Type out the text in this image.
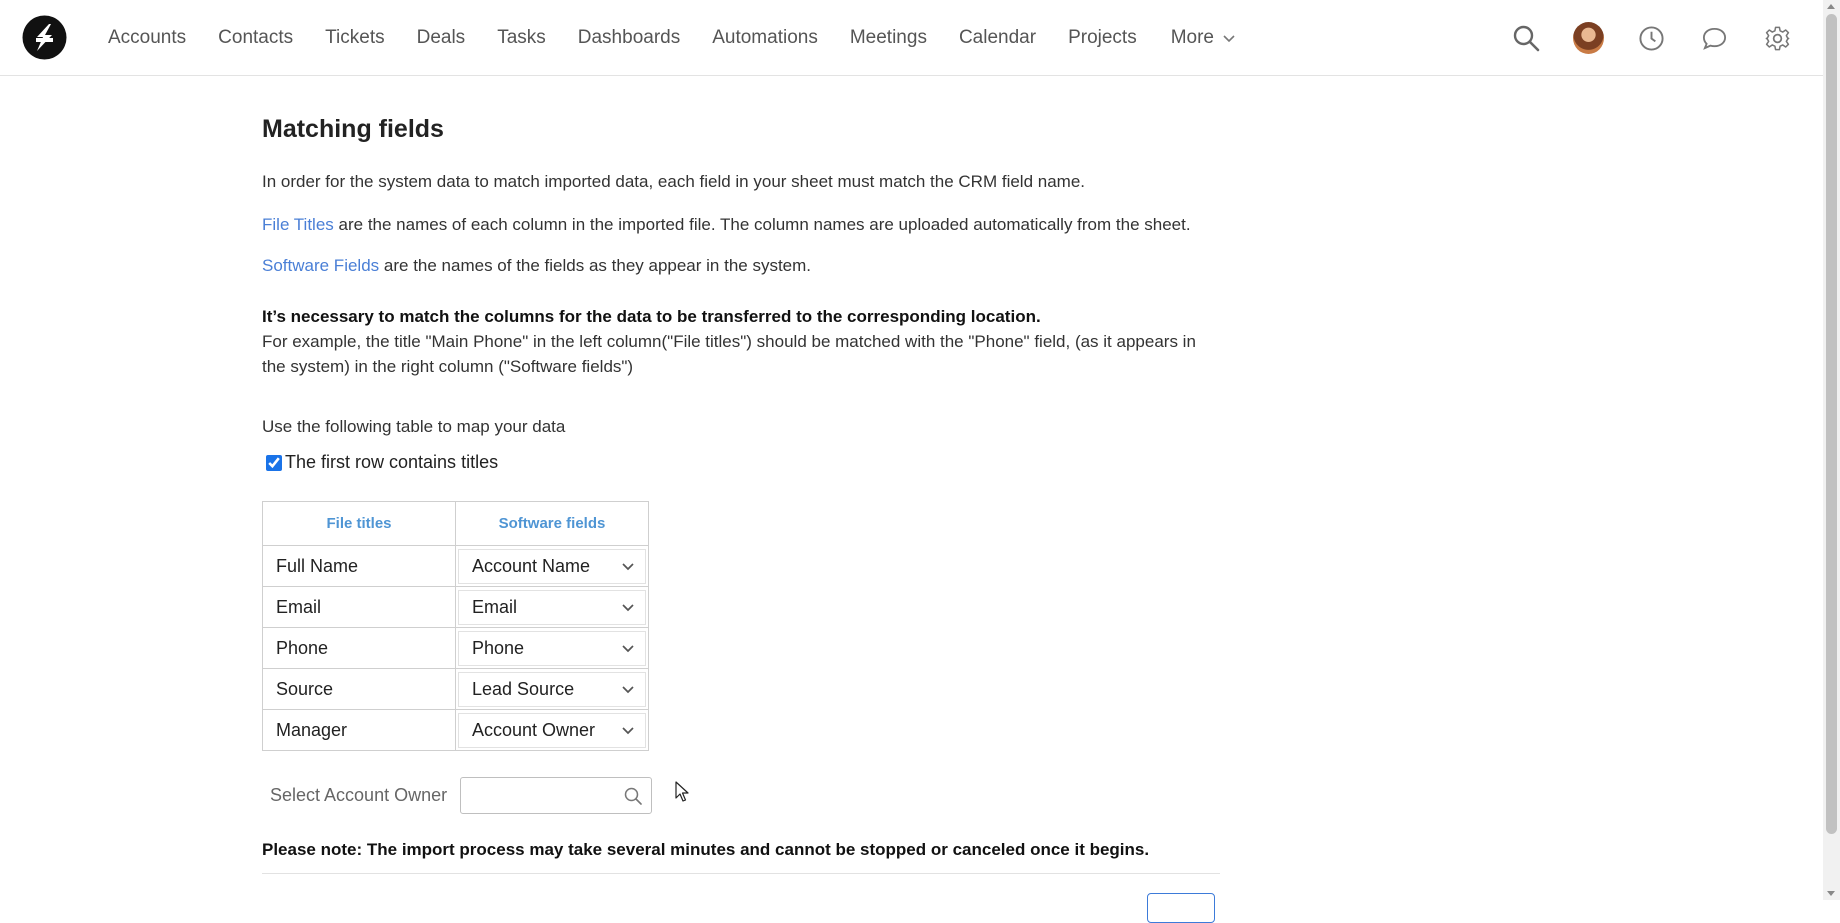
Accounts	Contacts	Tickets	Deals	Tasks	Dashboards	Automations	Meetings	Calendar	Projects	More
Matching fields
In order for the system data to match imported data, each field in your sheet must match the CRM field name.
File Titles are the names of each column in the imported file. The column names are uploaded automatically from the sheet.
Software Fields are the names of the fields as they appear in the system.
It’s necessary to match the columns for the data to be transferred to the corresponding location.
For example, the title "Main Phone" in the left column("File titles") should be matched with the "Phone" field, (as it appears in the system) in the right column ("Software fields")
Use the following table to map your data
The first row contains titles
File titles	Software fields
Full Name	Account Name

Email	Email

Phone	Phone

Source	Lead Source

Manager	Account Owner
Select Account Owner
Please note: The import process may take several minutes and cannot be stopped or canceled once it begins.
